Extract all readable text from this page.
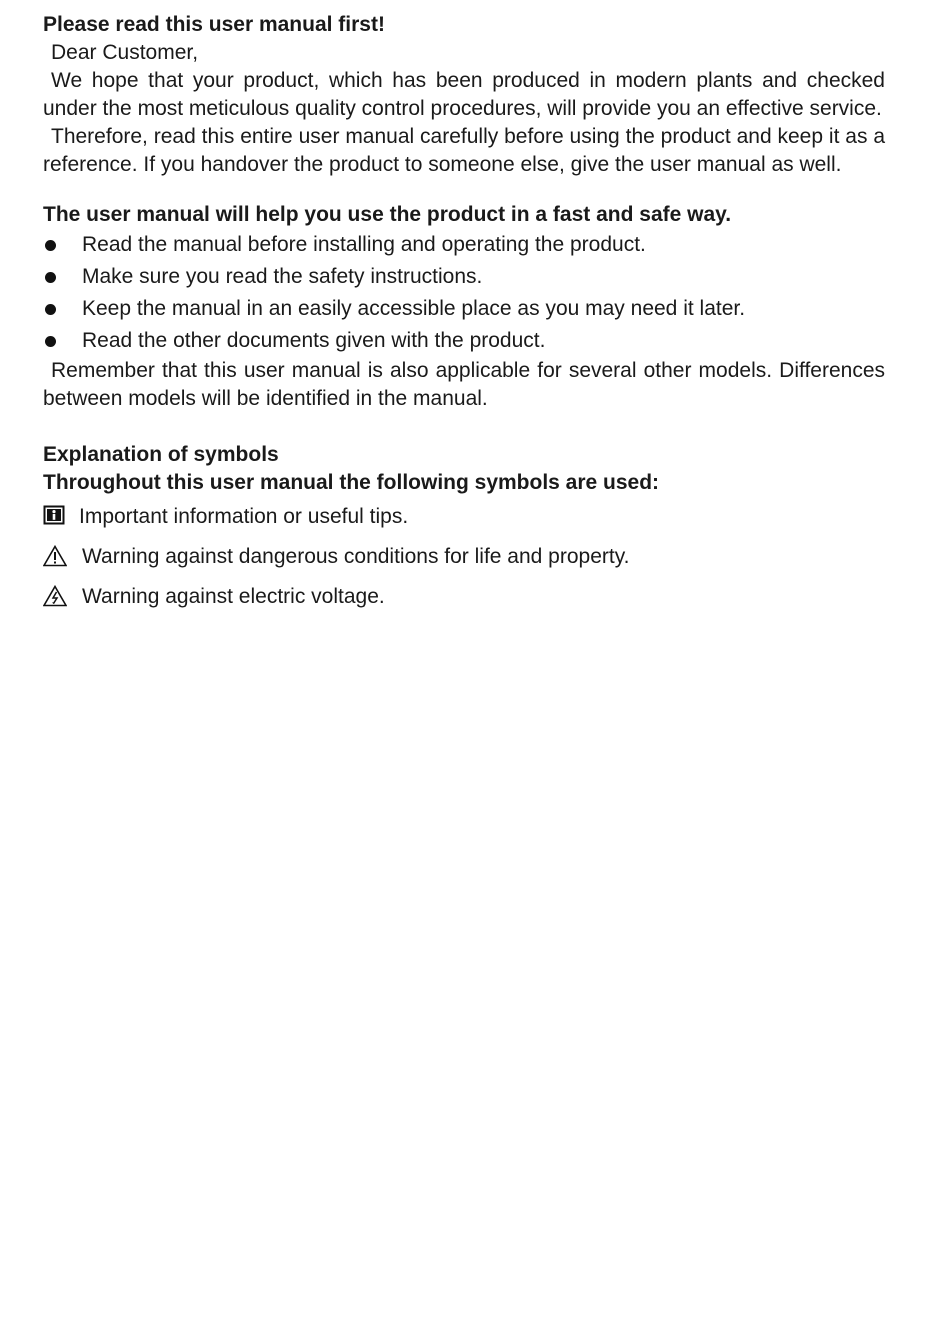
Please read this user manual first!

Dear Customer,

We hope that your product, which has been produced in modern plants and checked under the most meticulous quality control procedures, will provide you an effective service.

Therefore, read this entire user manual carefully before using the product and keep it as a reference. If you handover the product to someone else, give the user manual as well.

The user manual will help you use the product in a fast and safe way.

Read the manual before installing and operating the product.
Make sure you read the safety instructions.
Keep the manual in an easily accessible place as you may need it later.
Read the other documents given with the product.

Remember that this user manual is also applicable for several other models. Differences between models will be identified in the manual.

Explanation of symbols

Throughout this user manual the following symbols are used:

Important information or useful tips.
Warning against dangerous conditions for life and property.
Warning against electric voltage.
